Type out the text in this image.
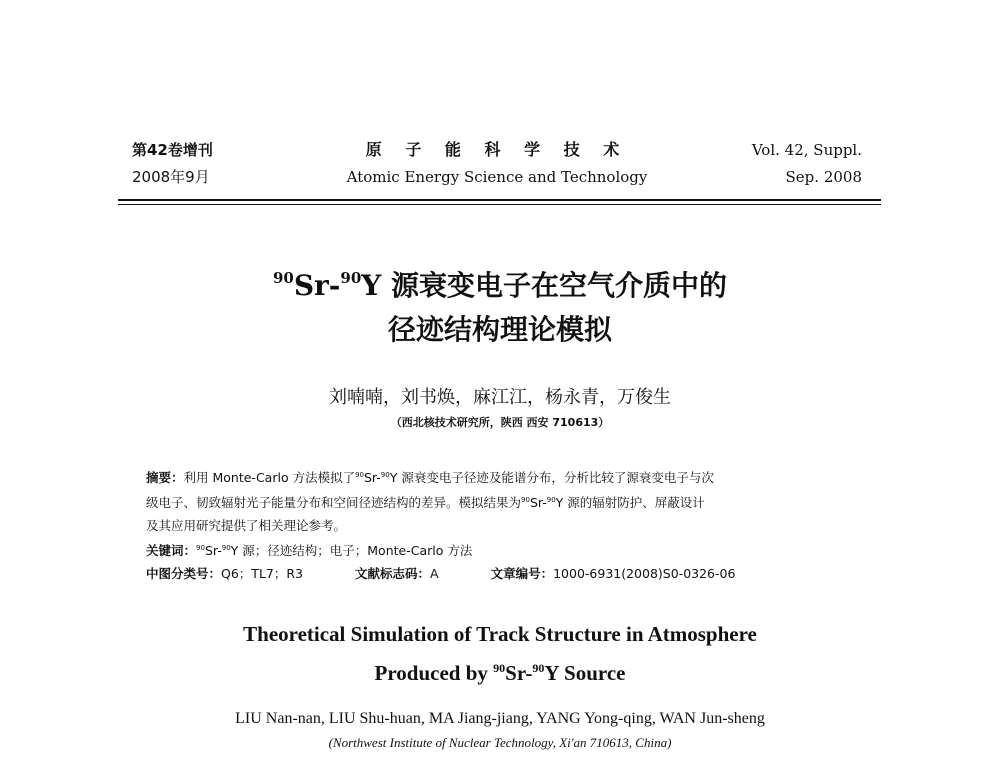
第42卷增刊
2008年9月
原 子 能 科 学 技 术
Atomic Energy Science and Technology
Vol. 42, Suppl.
Sep. 2008
$^{90}$Sr-$^{90}$Y 源衰变电子在空气介质中的
径迹结构理论模拟
刘喃喃，刘书焕，麻江江，杨永青，万俊生
（西北核技术研究所，陕西 西安 710613）
摘要：利用 Monte-Carlo 方法模拟了$^{90}$Sr-$^{90}$Y 源衰变电子径迹及能谱分布，分析比较了源衰变电子与次
级电子、韧致辐射光子能量分布和空间径迹结构的差异。模拟结果为$^{90}$Sr-$^{90}$Y 源的辐射防护、屏蔽设计
及其应用研究提供了相关理论参考。
关键词：$^{90}$Sr-$^{90}$Y 源；径迹结构；电子；Monte-Carlo 方法
中图分类号：Q6；TL7；R3	文献标志码：A	文章编号：1000-6931(2008)S0-0326-06
Theoretical Simulation of Track Structure in Atmosphere
Produced by $^{90}$Sr-$^{90}$Y Source
LIU Nan-nan, LIU Shu-huan, MA Jiang-jiang, YANG Yong-qing, WAN Jun-sheng
(Northwest Institute of Nuclear Technology, Xi'an 710613, China)
